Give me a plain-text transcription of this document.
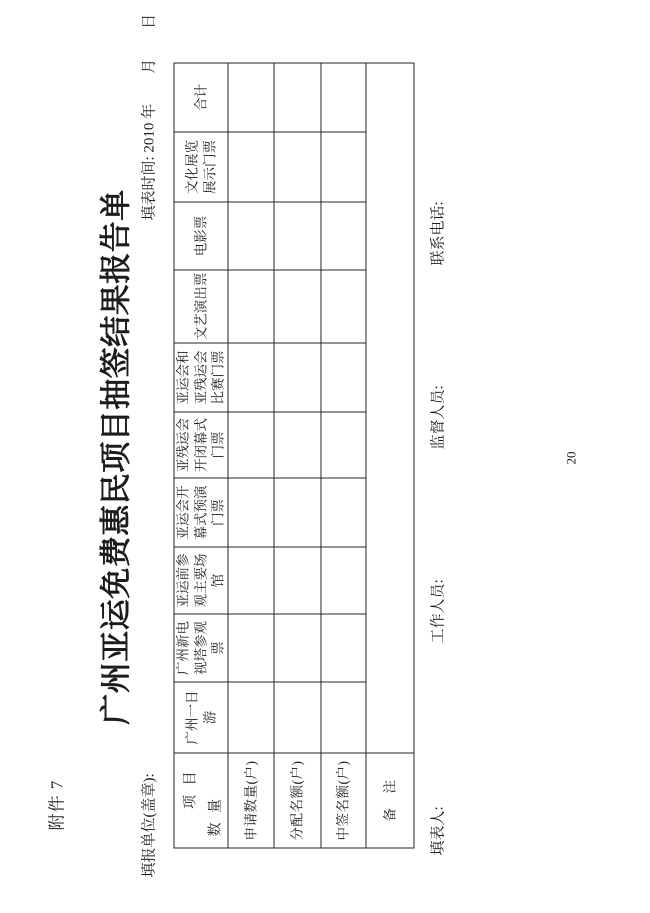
附件 7
广州亚运免费惠民项目抽签结果报告单
填报单位(盖章):
填表时间: 2010 年　　月　　日
项 目
数 量	广州一日游	广州新电视塔参观票	亚运前参观主要场馆	亚运会开幕式预演门票	亚残运会开闭幕式门票	亚运会和亚残运会比赛门票	文艺演出票	电影票	文化展览展示门票	合计
申请数量(户)										
分配名额(户)										
中签名额(户)										
备　注										
填表人:
工作人员:
监督人员:
联系电话:
20
